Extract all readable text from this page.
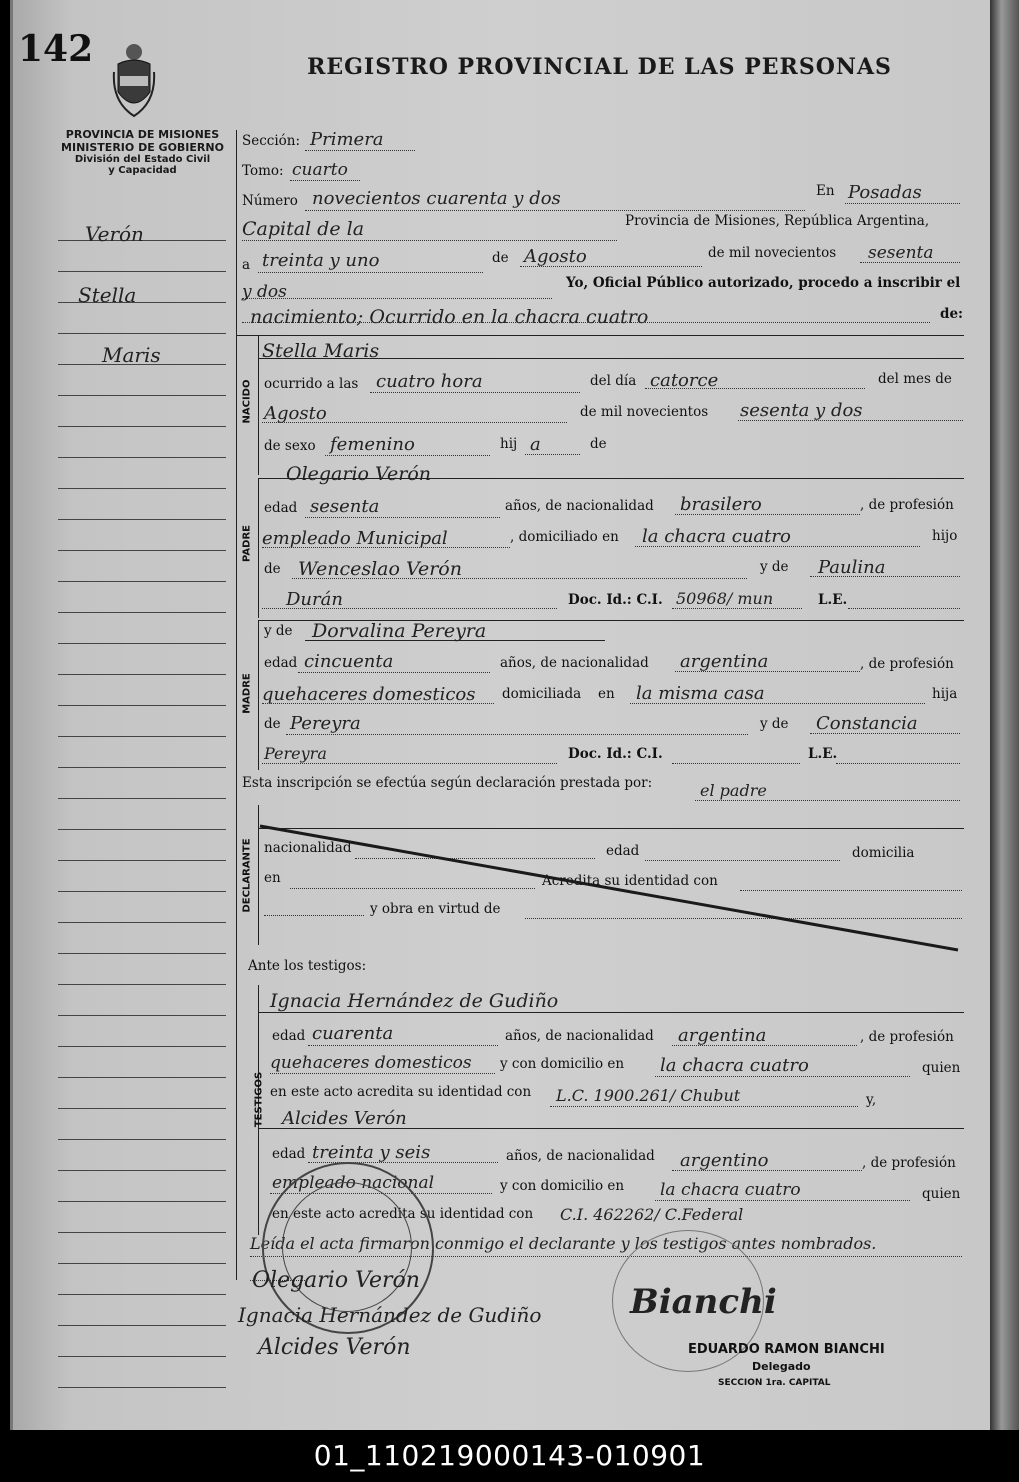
142	REGISTRO PROVINCIAL DE LAS PERSONAS
PROVINCIA DE MISIONES
MINISTERIO DE GOBIERNO
División del Estado Civil
y Capacidad
Verón
Stella
Maris
Sección: Primera
Tomo: cuarto
Número novecientos cuarenta y dos	En Posadas
Capital de la	Provincia de Misiones, República Argentina,
a treinta y uno	de Agosto	de mil novecientos sesenta
y dos	Yo, Oficial Público autorizado, procedo a inscribir el
nacimiento; Ocurrido en la chacra cuatro	de:
NACIDO
Stella Maris
ocurrido a las cuatro hora	del día catorce	del mes de
Agosto	de mil novecientos sesenta y dos
de sexo femenino	hij a	de
PADRE
Olegario Verón
edad sesenta	años, de nacionalidad brasilero	, de profesión
empleado Municipal	, domiciliado en la chacra cuatro	hijo
de Wenceslao Verón	y de Paulina
Durán	Doc. Id.: C.I. 50968/ mun	L.E.
MADRE
y de Dorvalina Pereyra
edad cincuenta	años, de nacionalidad argentina	, de profesión
quehaceres domesticos domiciliada en la misma casa	hija
de Pereyra	y de Constancia
Pereyra	Doc. Id.: C.I.	L.E.
Esta inscripción se efectúa según declaración prestada por:	el padre
DECLARANTE nacionalidad	edad	domicilia
en	Acredita su identidad con
y obra en virtud de
Ante los testigos:
TESTIGOS
Ignacia Hernández de Gudiño
edad cuarenta	años, de nacionalidad argentina	, de profesión
quehaceres domesticos y con domicilio en la chacra cuatro	quien
en este acto acredita su identidad con L.C. 1900.261/ Chubut	y,
Alcides Verón
edad treinta y seis	años, de nacionalidad argentino	, de profesión
empleado nacional	y con domicilio en la chacra cuatro	quien
en este acto acredita su identidad con C.I. 462262/ C.Federal
Leída el acta firmaron conmigo el declarante y los testigos antes nombrados.
Olegario Verón
Ignacia Hernández de Gudiño
Alcides Verón
Bianchi
EDUARDO RAMON BIANCHI
Delegado
SECCION 1ra. CAPITAL
01_110219000143-010901
